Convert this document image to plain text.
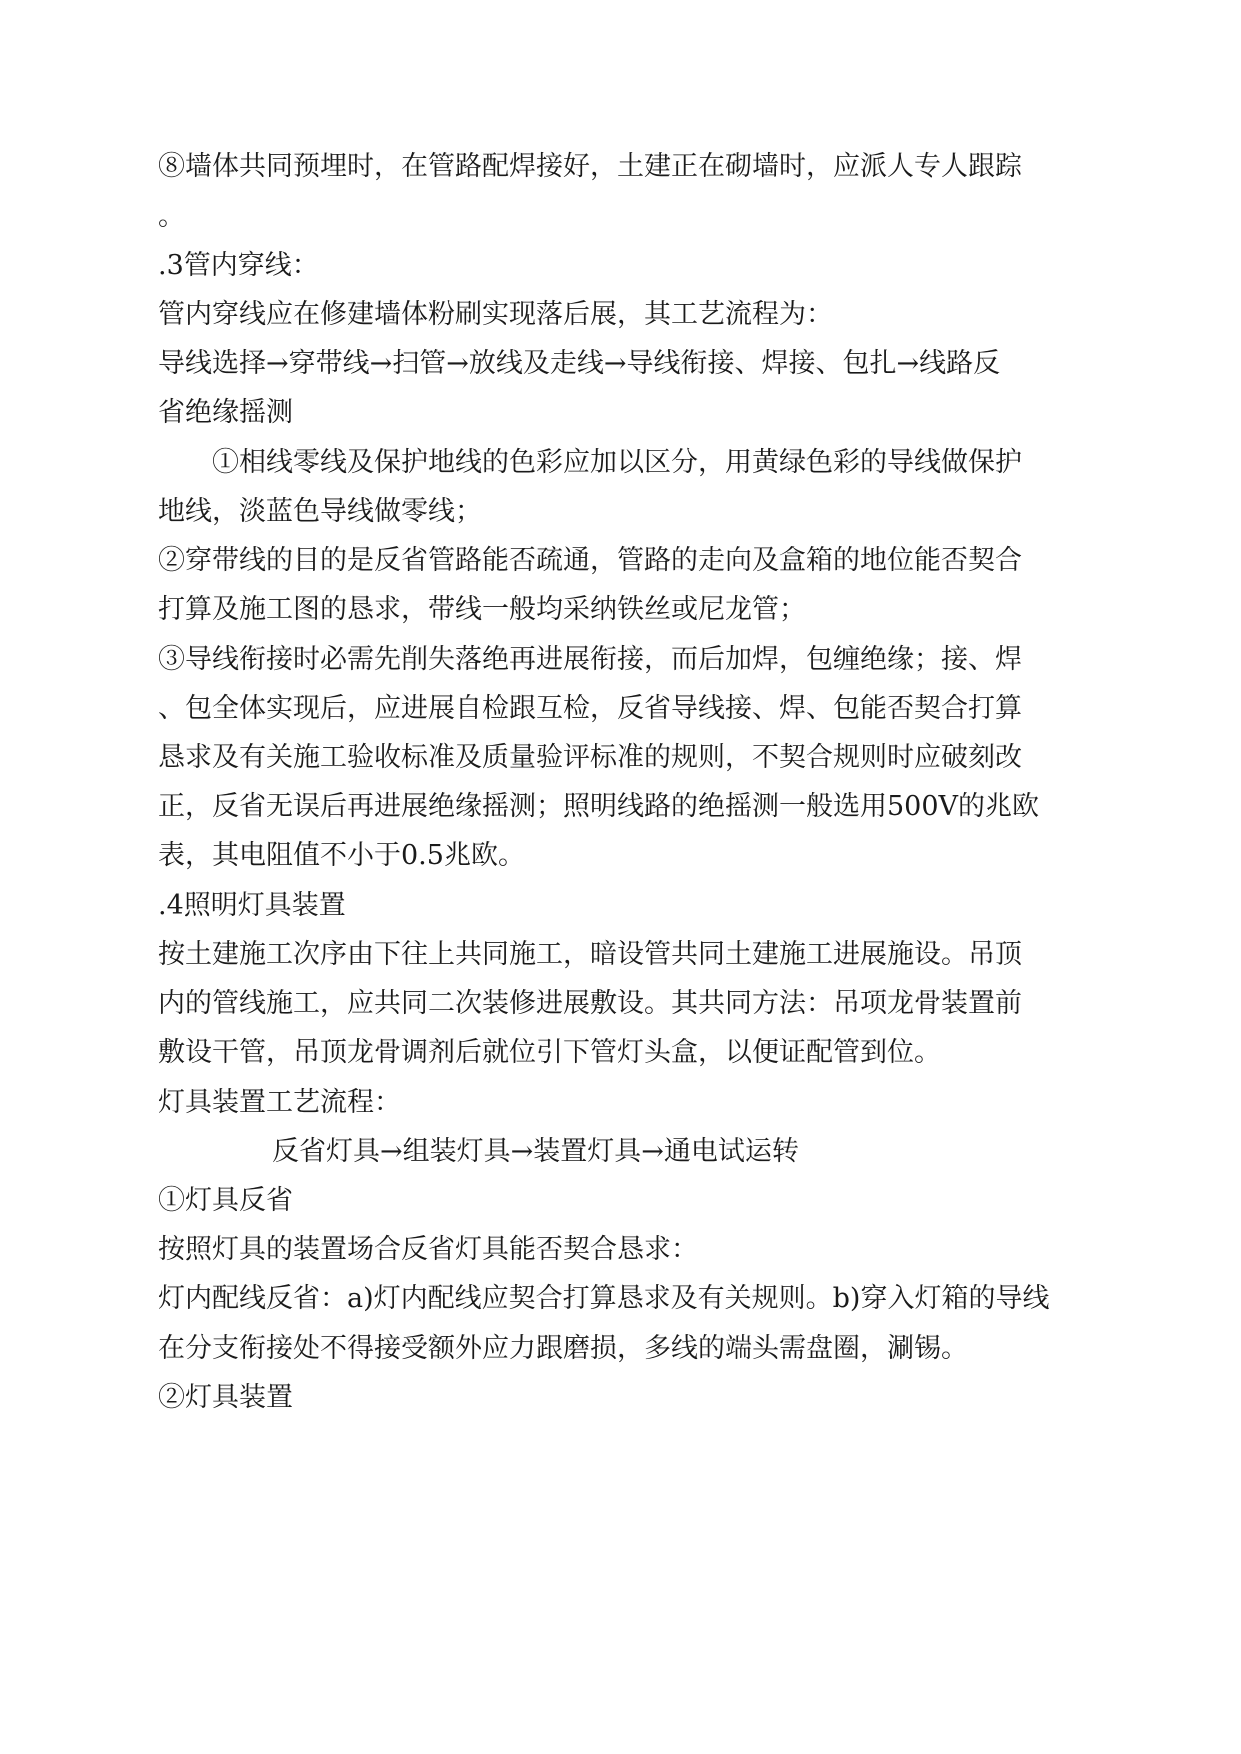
⑧墙体共同预埋时，在管路配焊接好，土建正在砌墙时，应派人专人跟踪
。
.3管内穿线：
管内穿线应在修建墙体粉刷实现落后展，其工艺流程为：
导线选择→穿带线→扫管→放线及走线→导线衔接、焊接、包扎→线路反
省绝缘摇测
①相线零线及保护地线的色彩应加以区分，用黄绿色彩的导线做保护
地线，淡蓝色导线做零线；
②穿带线的目的是反省管路能否疏通，管路的走向及盒箱的地位能否契合
打算及施工图的恳求，带线一般均采纳铁丝或尼龙管；
③导线衔接时必需先削失落绝再进展衔接，而后加焊，包缠绝缘；接、焊
、包全体实现后，应进展自检跟互检，反省导线接、焊、包能否契合打算
恳求及有关施工验收标准及质量验评标准的规则，不契合规则时应破刻改
正，反省无误后再进展绝缘摇测；照明线路的绝摇测一般选用500V的兆欧
表，其电阻值不小于0.5兆欧。
.4照明灯具装置
按土建施工次序由下往上共同施工，暗设管共同土建施工进展施设。吊顶
内的管线施工，应共同二次装修进展敷设。其共同方法：吊项龙骨装置前
敷设干管，吊顶龙骨调剂后就位引下管灯头盒，以便证配管到位。
灯具装置工艺流程：
反省灯具→组装灯具→装置灯具→通电试运转
①灯具反省
按照灯具的装置场合反省灯具能否契合恳求：
灯内配线反省：a)灯内配线应契合打算恳求及有关规则。b)穿入灯箱的导线
在分支衔接处不得接受额外应力跟磨损，多线的端头需盘圈，涮锡。
②灯具装置
